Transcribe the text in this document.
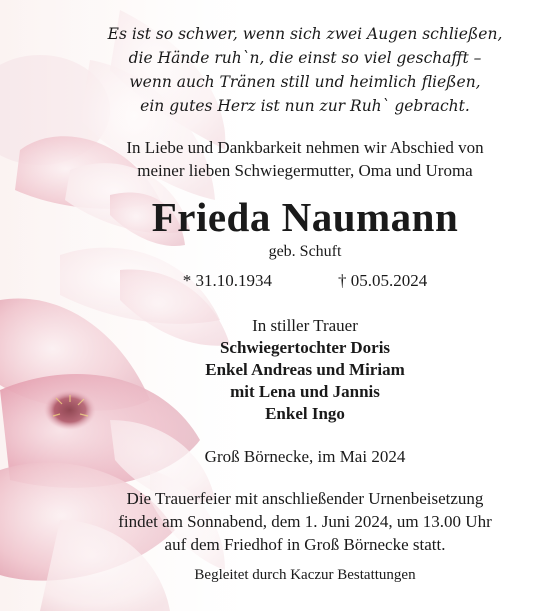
Es ist so schwer, wenn sich zwei Augen schließen,
die Hände ruh`n, die einst so viel geschafft –
wenn auch Tränen still und heimlich fließen,
ein gutes Herz ist nun zur Ruh` gebracht.
In Liebe und Dankbarkeit nehmen wir Abschied von
meiner lieben Schwiegermutter, Oma und Uroma
Frieda Naumann
geb. Schuft
* 31.10.1934	† 05.05.2024
In stiller Trauer
Schwiegertochter Doris
Enkel Andreas und Miriam
mit Lena und Jannis
Enkel Ingo
Groß Börnecke, im Mai 2024
Die Trauerfeier mit anschließender Urnenbeisetzung
findet am Sonnabend, dem 1. Juni 2024, um 13.00 Uhr
auf dem Friedhof in Groß Börnecke statt.
Begleitet durch Kaczur Bestattungen
